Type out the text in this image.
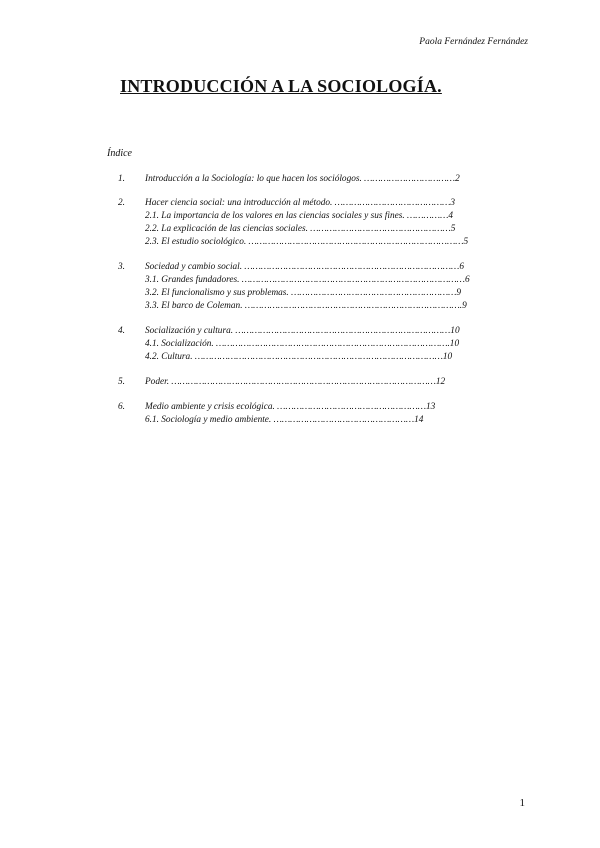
Paola Fernández Fernández
INTRODUCCIÓN A LA SOCIOLOGÍA.
Índice
1. Introducción a la Sociología: lo que hacen los sociólogos. ……………………………2
2. Hacer ciencia social: una introducción al método. ……………………………………3
2.1. La importancia de los valores en las ciencias sociales y sus fines. ……………4
2.2. La explicación de las ciencias sociales. ……………………………………………5
2.3. El estudio sociológico. ……………………………………………………………………5
3. Sociedad y cambio social. ……………………………………………………………………6
3.1. Grandes fundadores. ………………………………………………………………………6
3.2. El funcionalismo y sus problemas. ……………………………………………………9
3.3. El barco de Coleman. …………………………………………………………………….9
4. Socialización y cultura. ……………………………………………………………………10
4.1. Socialización. ………………………………………………………………………….10
4.2. Cultura. ………………………………………………………………………………10
5. Poder. ……………………………………………………………………………………12
6. Medio ambiente y crisis ecológica. ………………………………………………13
6.1. Sociología y medio ambiente. ……………………………………………14
1
